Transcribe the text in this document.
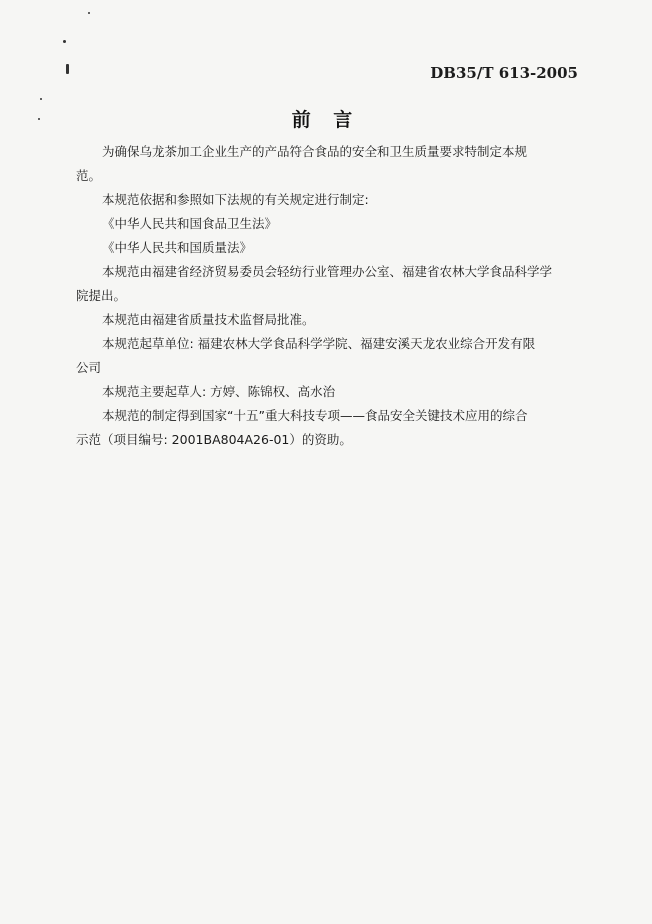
DB35/T 613-2005
前 言

为确保乌龙茶加工企业生产的产品符合食品的安全和卫生质量要求特制定本规
范。

本规范依据和参照如下法规的有关规定进行制定:

《中华人民共和国食品卫生法》

《中华人民共和国质量法》

本规范由福建省经济贸易委员会轻纺行业管理办公室、福建省农林大学食品科学学
院提出。

本规范由福建省质量技术监督局批准。

本规范起草单位: 福建农林大学食品科学学院、福建安溪天龙农业综合开发有限
公司

本规范主要起草人: 方婷、陈锦权、高水治

本规范的制定得到国家“十五”重大科技专项——食品安全关键技术应用的综合
示范（项目编号: 2001BA804A26-01）的资助。
